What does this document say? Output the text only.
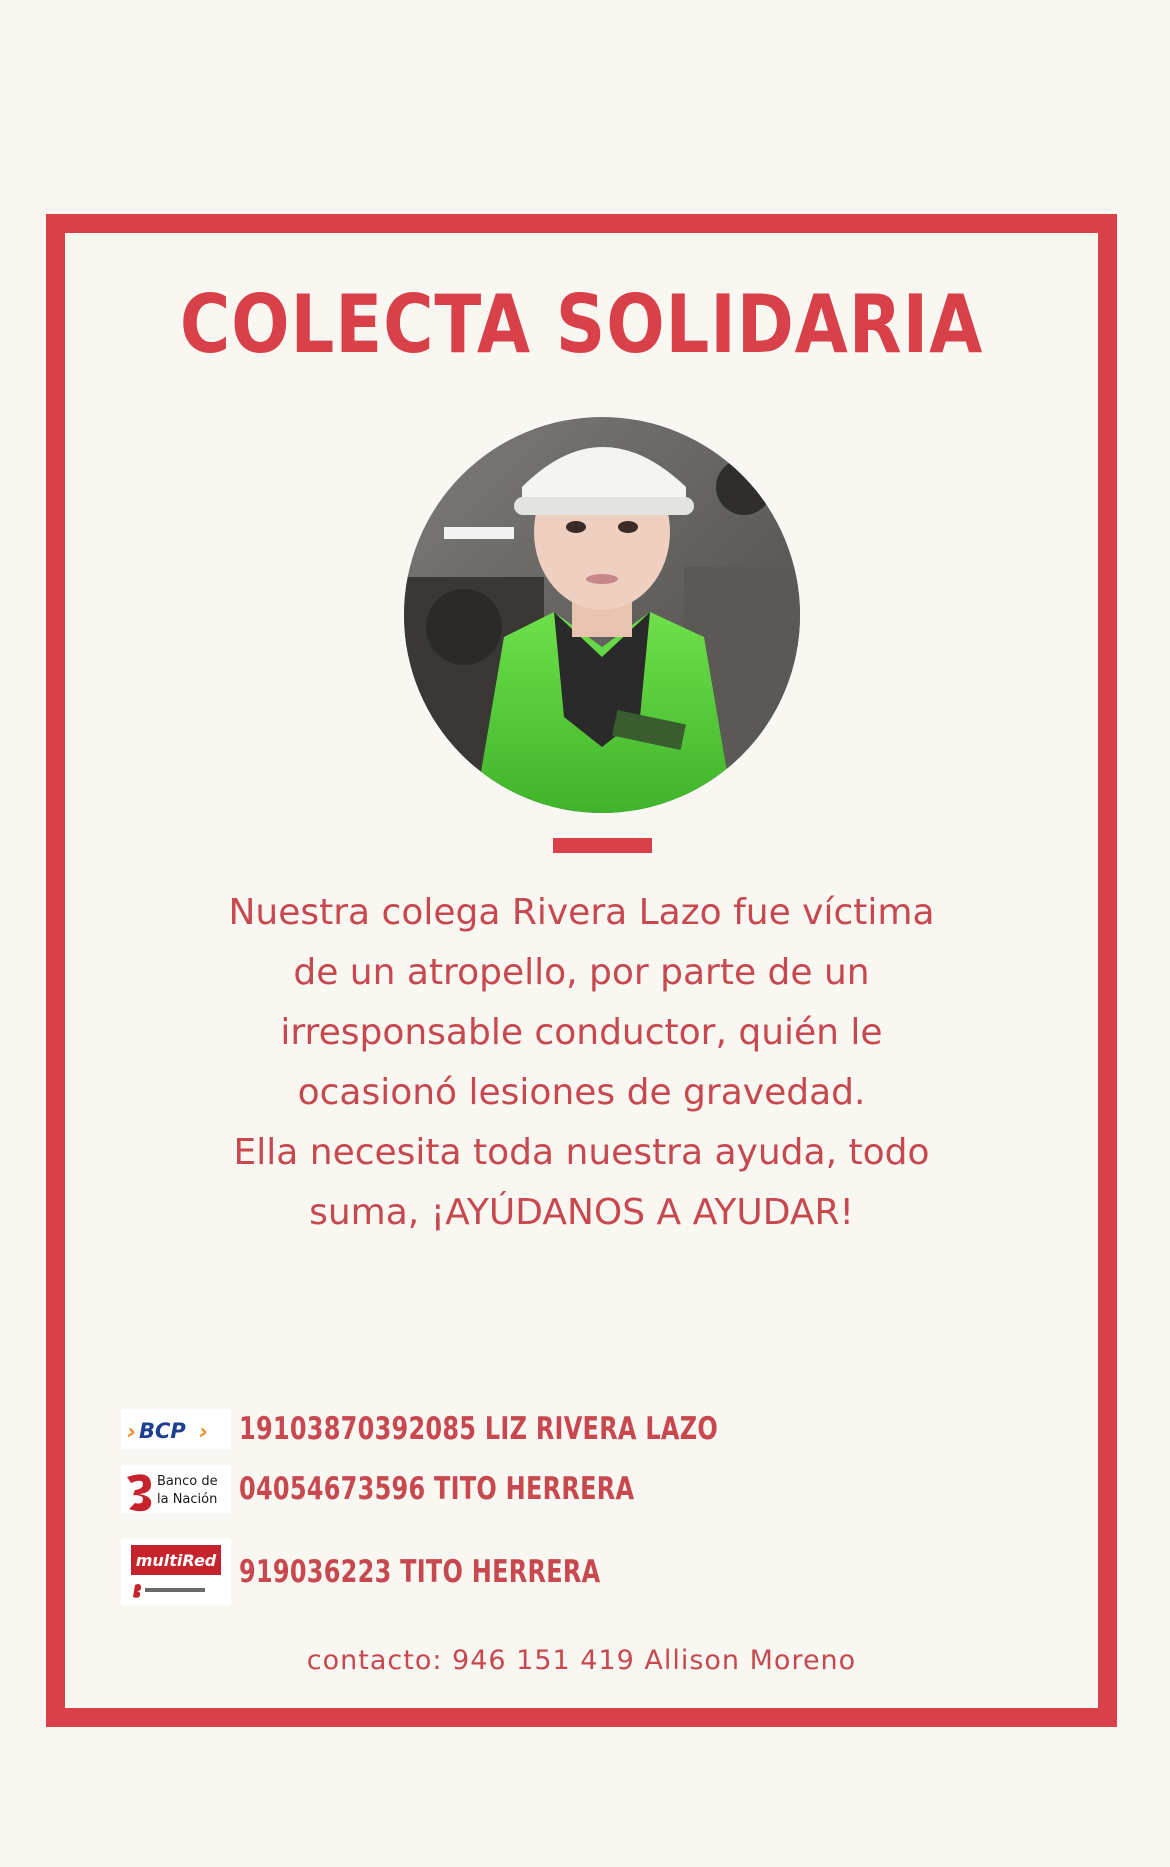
COLECTA SOLIDARIA

Nuestra colega Rivera Lazo fue víctima

de un atropello, por parte de un

irresponsable conductor, quién le

ocasionó lesiones de gravedad.

Ella necesita toda nuestra ayuda, todo

suma, ¡AYÚDANOS A AYUDAR!

› BCP › 19103870392085 LIZ RIVERA LAZO
Banco de
la Nación 04054673596 TITO HERRERA
multiRed 919036223 TITO HERRERA
contacto: 946 151 419 Allison Moreno
